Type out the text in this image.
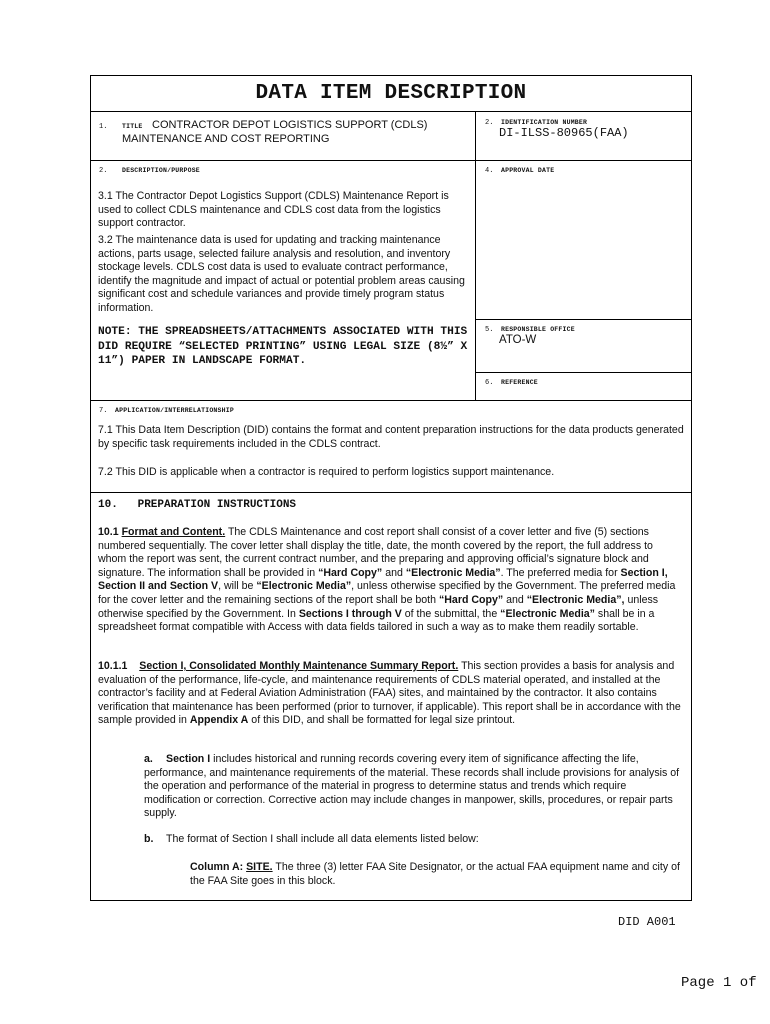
DATA ITEM DESCRIPTION
1. TITLE CONTRACTOR DEPOT LOGISTICS SUPPORT (CDLS)
MAINTENANCE AND COST REPORTING
2. IDENTIFICATION NUMBER
DI-ILSS-80965(FAA)
2. DESCRIPTION/PURPOSE
3.1 The Contractor Depot Logistics Support (CDLS) Maintenance Report is used to collect CDLS maintenance and CDLS cost data from the logistics support contractor.
3.2 The maintenance data is used for updating and tracking maintenance actions, parts usage, selected failure analysis and resolution, and inventory stockage levels. CDLS cost data is used to evaluate contract performance, identify the magnitude and impact of actual or potential problem areas causing significant cost and schedule variances and provide timely program status information.
NOTE: THE SPREADSHEETS/ATTACHMENTS ASSOCIATED WITH THIS DID REQUIRE “SELECTED PRINTING” USING LEGAL SIZE (8½” X 11”) PAPER IN LANDSCAPE FORMAT.
4. APPROVAL DATE
5. RESPONSIBLE OFFICE
ATO-W
6. REFERENCE
7. APPLICATION/INTERRELATIONSHIP
7.1 This Data Item Description (DID) contains the format and content preparation instructions for the data products generated by specific task requirements included in the CDLS contract.
7.2 This DID is applicable when a contractor is required to perform logistics support maintenance.
10.   PREPARATION INSTRUCTIONS
10.1 Format and Content. The CDLS Maintenance and cost report shall consist of a cover letter and five (5) sections numbered sequentially. The cover letter shall display the title, date, the month covered by the report, the full address to whom the report was sent, the current contract number, and the preparing and approving official’s signature block and signature. The information shall be provided in “Hard Copy” and “Electronic Media”. The preferred media for Section I, Section II and Section V, will be “Electronic Media”, unless otherwise specified by the Government. The preferred media for the cover letter and the remaining sections of the report shall be both “Hard Copy” and “Electronic Media”, unless otherwise specified by the Government. In Sections I through V of the submittal, the “Electronic Media” shall be in a spreadsheet format compatible with Access with data fields tailored in such a way as to make them readily sortable.
10.1.1 Section I, Consolidated Monthly Maintenance Summary Report. This section provides a basis for analysis and evaluation of the performance, life-cycle, and maintenance requirements of CDLS material operated, and installed at the contractor’s facility and at Federal Aviation Administration (FAA) sites, and maintained by the contractor. It also contains verification that maintenance has been performed (prior to turnover, if applicable). This report shall be in accordance with the sample provided in Appendix A of this DID, and shall be formatted for legal size printout.
a.	Section I includes historical and running records covering every item of significance affecting the life, performance, and maintenance requirements of the material. These records shall include provisions for analysis of the operation and performance of the material in progress to determine status and trends which require modification or correction. Corrective action may include changes in manpower, skills, procedures, or repair parts supply.
b. The format of Section I shall include all data elements listed below:
Column A: SITE. The three (3) letter FAA Site Designator, or the actual FAA equipment name and city of the FAA Site goes in this block.
DID A001
Page 1 of
